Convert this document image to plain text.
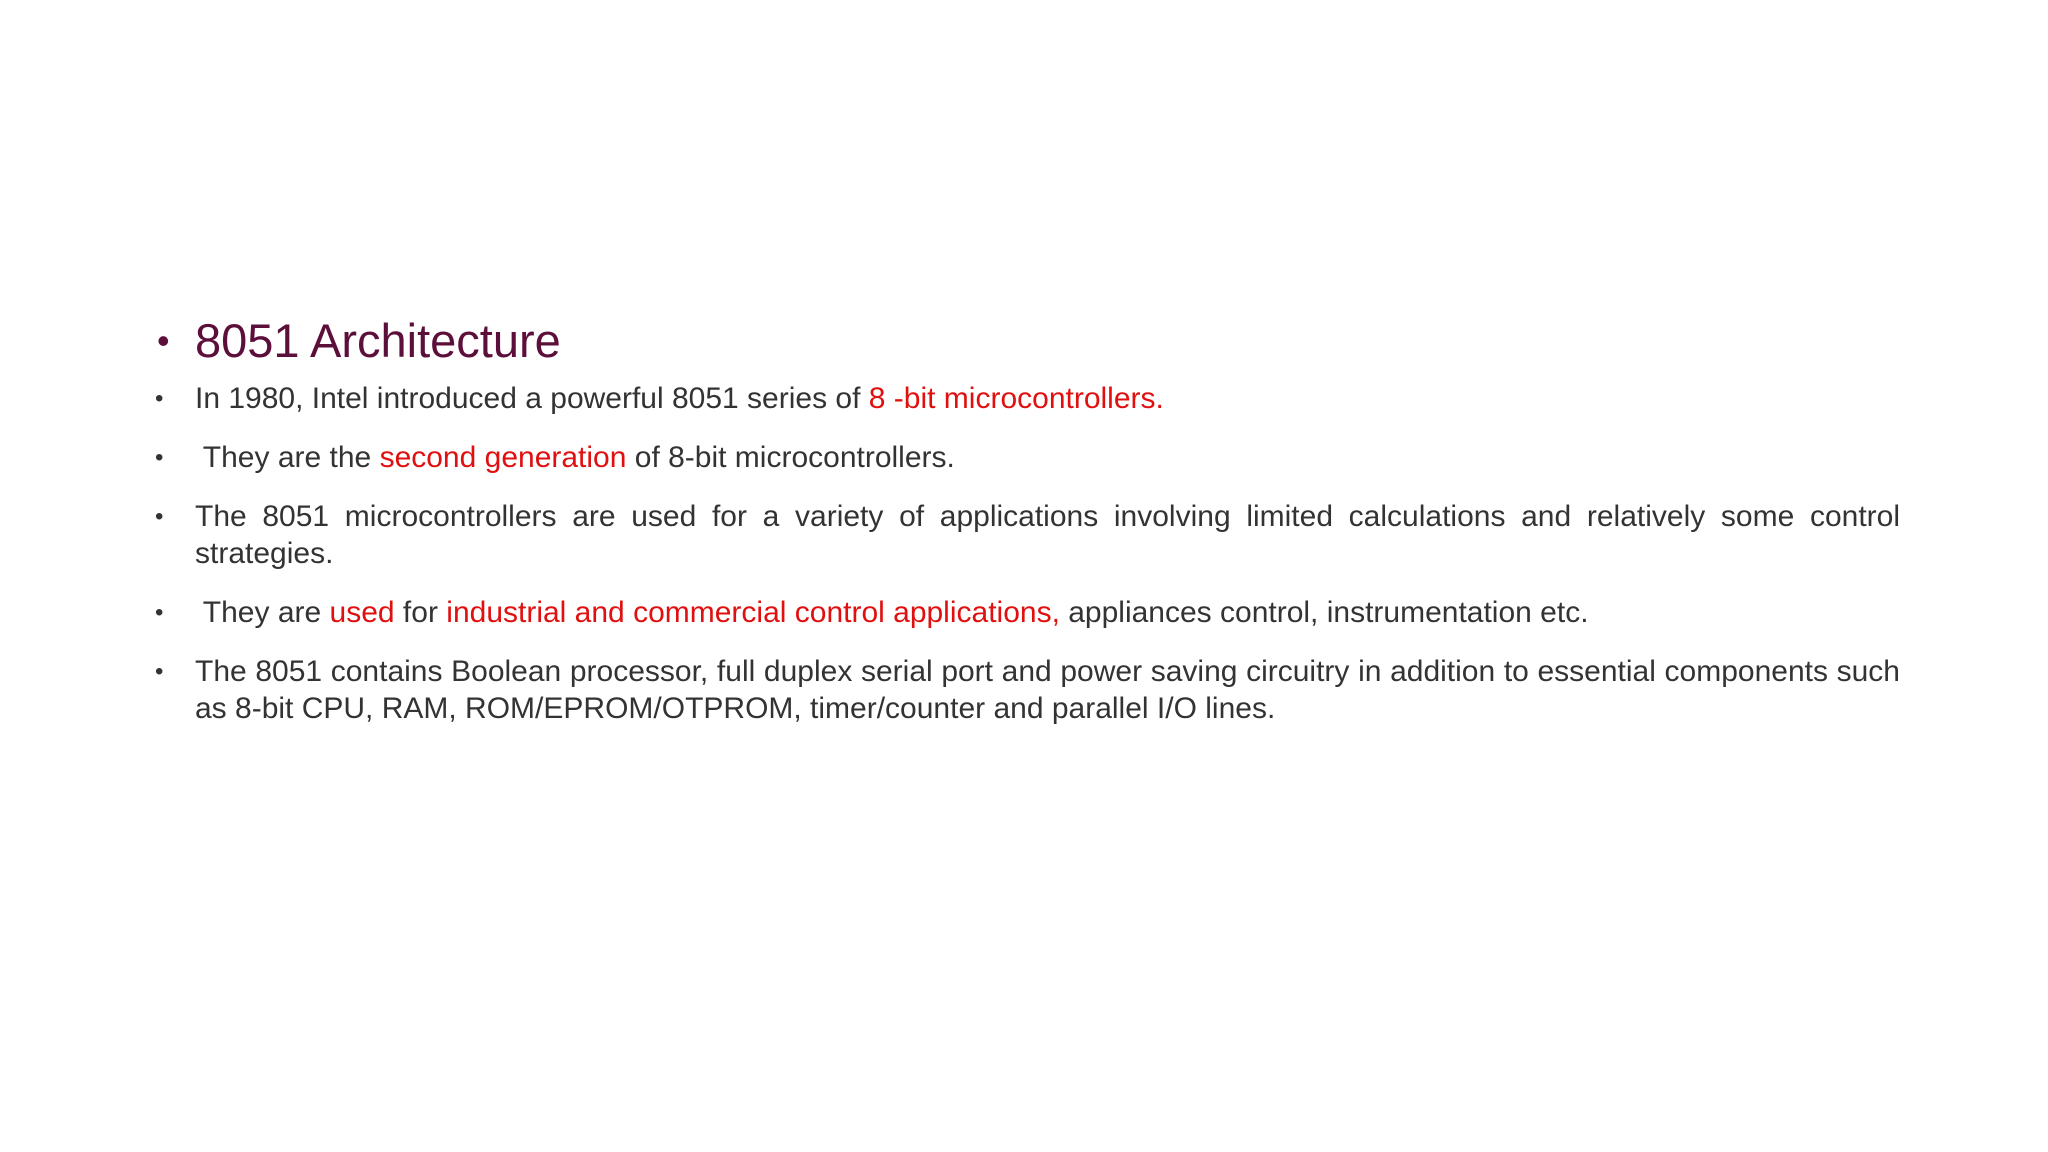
• 8051 Architecture
• In 1980, Intel introduced a powerful 8051 series of 8 -bit microcontrollers.
• They are the second generation of 8-bit microcontrollers.
• The 8051 microcontrollers are used for a variety of applications involving limited calculations and relatively some control strategies.
• They are used for industrial and commercial control applications, appliances control, instrumentation etc.
• The 8051 contains Boolean processor, full duplex serial port and power saving circuitry in addition to essential components such as 8-bit CPU, RAM, ROM/EPROM/OTPROM, timer/counter and parallel I/O lines.
